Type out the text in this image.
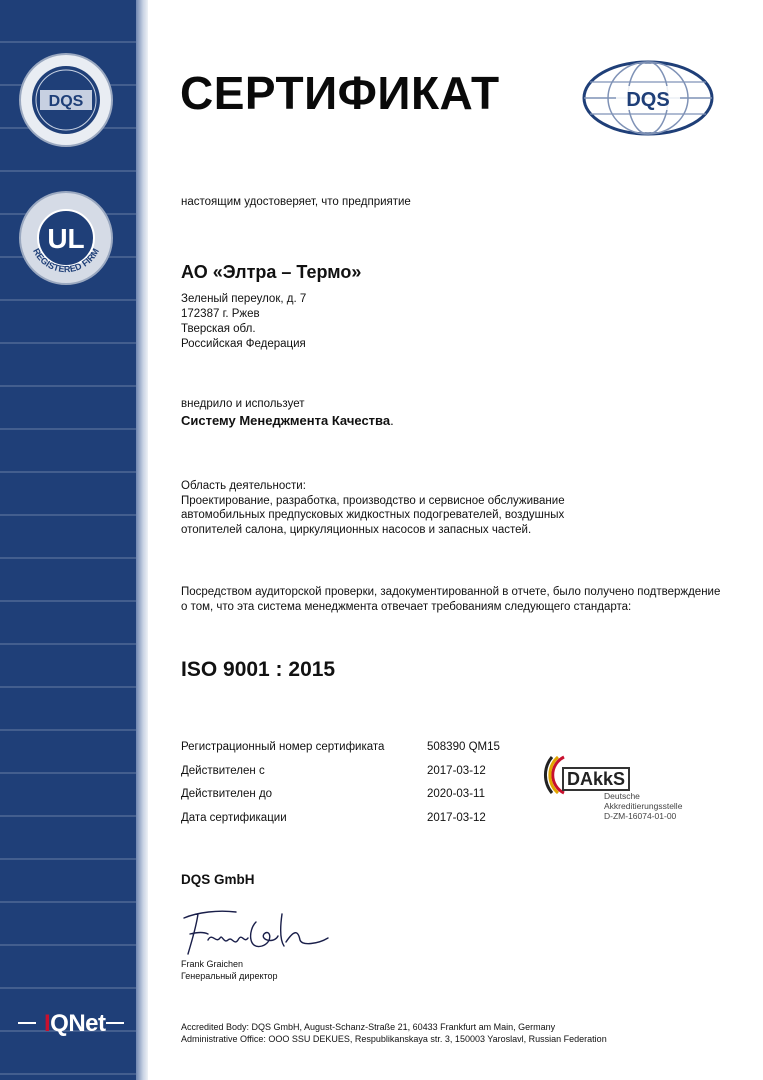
DQS
UL
REGISTERED FIRM
IQNet
СЕРТИФИКАТ	DQS
настоящим удостоверяет, что предприятие
АО «Элтра – Термо»
Зеленый переулок, д. 7
172387 г. Ржев
Тверская обл.
Российская Федерация
внедрило и использует
Систему Менеджмента Качества.
Область деятельности:
Проектирование, разработка, производство и сервисное обслуживание
автомобильных предпусковых жидкостных подогревателей, воздушных
отопителей салона, циркуляционных насосов и запасных частей.
Посредством аудиторской проверки, задокументированной в отчете, было получено подтверждение о том, что эта система менеджмента отвечает требованиям следующего стандарта:
ISO 9001 : 2015
Регистрационный номер сертификата	508390 QM15
Действителен с	2017-03-12
Действителен до	2020-03-11
Дата сертификации	2017-03-12
DAkkS
Deutsche
Akkreditierungsstelle
D-ZM-16074-01-00
DQS GmbH
Frank Graichen
Генеральный директор
Accredited Body: DQS GmbH, August-Schanz-Straße 21, 60433 Frankfurt am Main, Germany
Administrative Office: OOO SSU DEKUES, Respublikanskaya str. 3, 150003 Yaroslavl, Russian Federation
